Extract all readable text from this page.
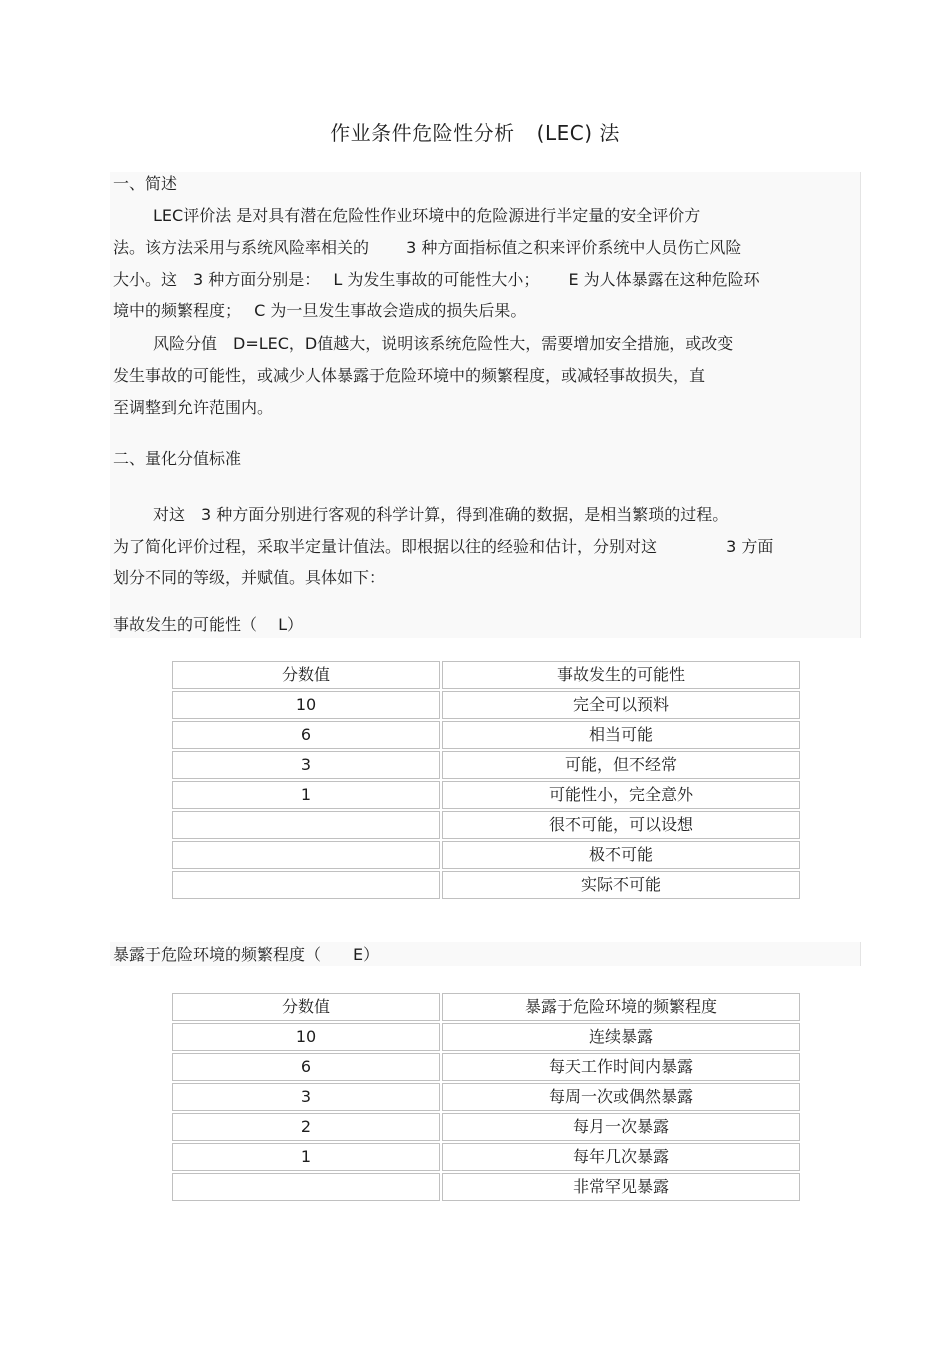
作业条件危险性分析 (LEC) 法
一、简述
LEC评价法 是对具有潜在危险性作业环境中的危险源进行半定量的安全评价方
法。该方法采用与系统风险率相关的　　 3 种方面指标值之积来评价系统中人员伤亡风险
大小。这　3 种方面分别是：　 L 为发生事故的可能性大小；　　 E 为人体暴露在这种危险环
境中的频繁程度；　 C 为一旦发生事故会造成的损失后果。
风险分值　D=LEC，D值越大，说明该系统危险性大，需要增加安全措施，或改变
发生事故的可能性，或减少人体暴露于危险环境中的频繁程度，或减轻事故损失，直
至调整到允许范围内。
二、量化分值标准
对这　3 种方面分别进行客观的科学计算，得到准确的数据，是相当繁琐的过程。
为了简化评价过程，采取半定量计值法。即根据以往的经验和估计，分别对这　　　　 3 方面
划分不同的等级，并赋值。具体如下：
事故发生的可能性（　 L）
分数值	事故发生的可能性
10	完全可以预料
6	相当可能
3	可能，但不经常
1	可能性小，完全意外
	很不可能，可以设想
	极不可能
	实际不可能
暴露于危险环境的频繁程度（　　E）
分数值	暴露于危险环境的频繁程度
10	连续暴露
6	每天工作时间内暴露
3	每周一次或偶然暴露
2	每月一次暴露
1	每年几次暴露
	非常罕见暴露
